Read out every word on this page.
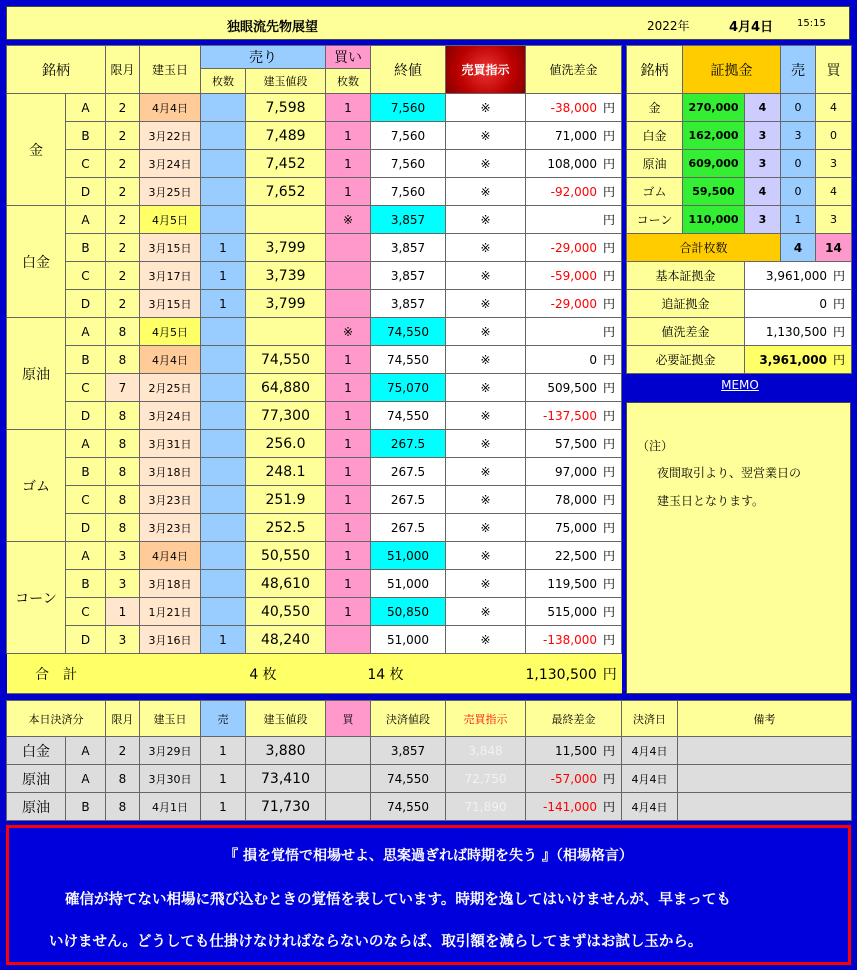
独眼流先物展望	2022年	4月4日 15:15
銘柄		限月	建玉日	売り		買い	終値	売買指示	値洗差金
				枚数	建玉値段	枚数			
金	A	2	4月4日		7,598	1	7,560	※	-38,000 円
	B	2	3月22日		7,489	1	7,560	※	71,000 円
	C	2	3月24日		7,452	1	7,560	※	108,000 円
	D	2	3月25日		7,652	1	7,560	※	-92,000 円
白金	A	2	4月5日			※	3,857	※	円
	B	2	3月15日	1	3,799		3,857	※	-29,000 円
	C	2	3月17日	1	3,739		3,857	※	-59,000 円
	D	2	3月15日	1	3,799		3,857	※	-29,000 円
原油	A	8	4月5日			※	74,550	※	円
	B	8	4月4日		74,550	1	74,550	※	0 円
	C	7	2月25日		64,880	1	75,070	※	509,500 円
	D	8	3月24日		77,300	1	74,550	※	-137,500 円
ゴム	A	8	3月31日		256.0	1	267.5	※	57,500 円
	B	8	3月18日		248.1	1	267.5	※	97,000 円
	C	8	3月23日		251.9	1	267.5	※	78,000 円
	D	8	3月23日		252.5	1	267.5	※	75,000 円
コーン	A	3	4月4日		50,550	1	51,000	※	22,500 円
	B	3	3月18日		48,610	1	51,000	※	119,500 円
	C	1	1月21日		40,550	1	50,850	※	515,000 円
	D	3	3月16日	1	48,240		51,000	※	-138,000 円
合　計				4 枚		14 枚			1,130,500 円
銘柄	証拠金		売	買
金	270,000	4	0	4
白金	162,000	3	3	0
原油	609,000	3	0	3
ゴム	59,500	4	0	4
コーン	110,000	3	1	3
合計枚数			4	14
基本証拠金		3,961,000 円		
追証拠金		0 円		
値洗差金		1,130,500 円		
必要証拠金		3,961,000 円		
MEMO
（注）
夜間取引より、翌営業日の
建玉日となります。
本日決済分		限月	建玉日	売	建玉値段	買	決済値段	売買指示	最終差金	決済日	備考
白金	A	2	3月29日	1	3,880		3,857	3,848	11,500 円	4月4日	
原油	A	8	3月30日	1	73,410		74,550	72,750	-57,000 円	4月4日	
原油	B	8	4月1日	1	71,730		74,550	71,890	-141,000 円	4月4日	
『 損を覚悟で相場せよ、思案過ぎれば時期を失う 』（相場格言）
確信が持てない相場に飛び込むときの覚悟を表しています。時期を逸してはいけませんが、早まっても
いけません。どうしても仕掛けなければならないのならば、取引額を減らしてまずはお試し玉から。
